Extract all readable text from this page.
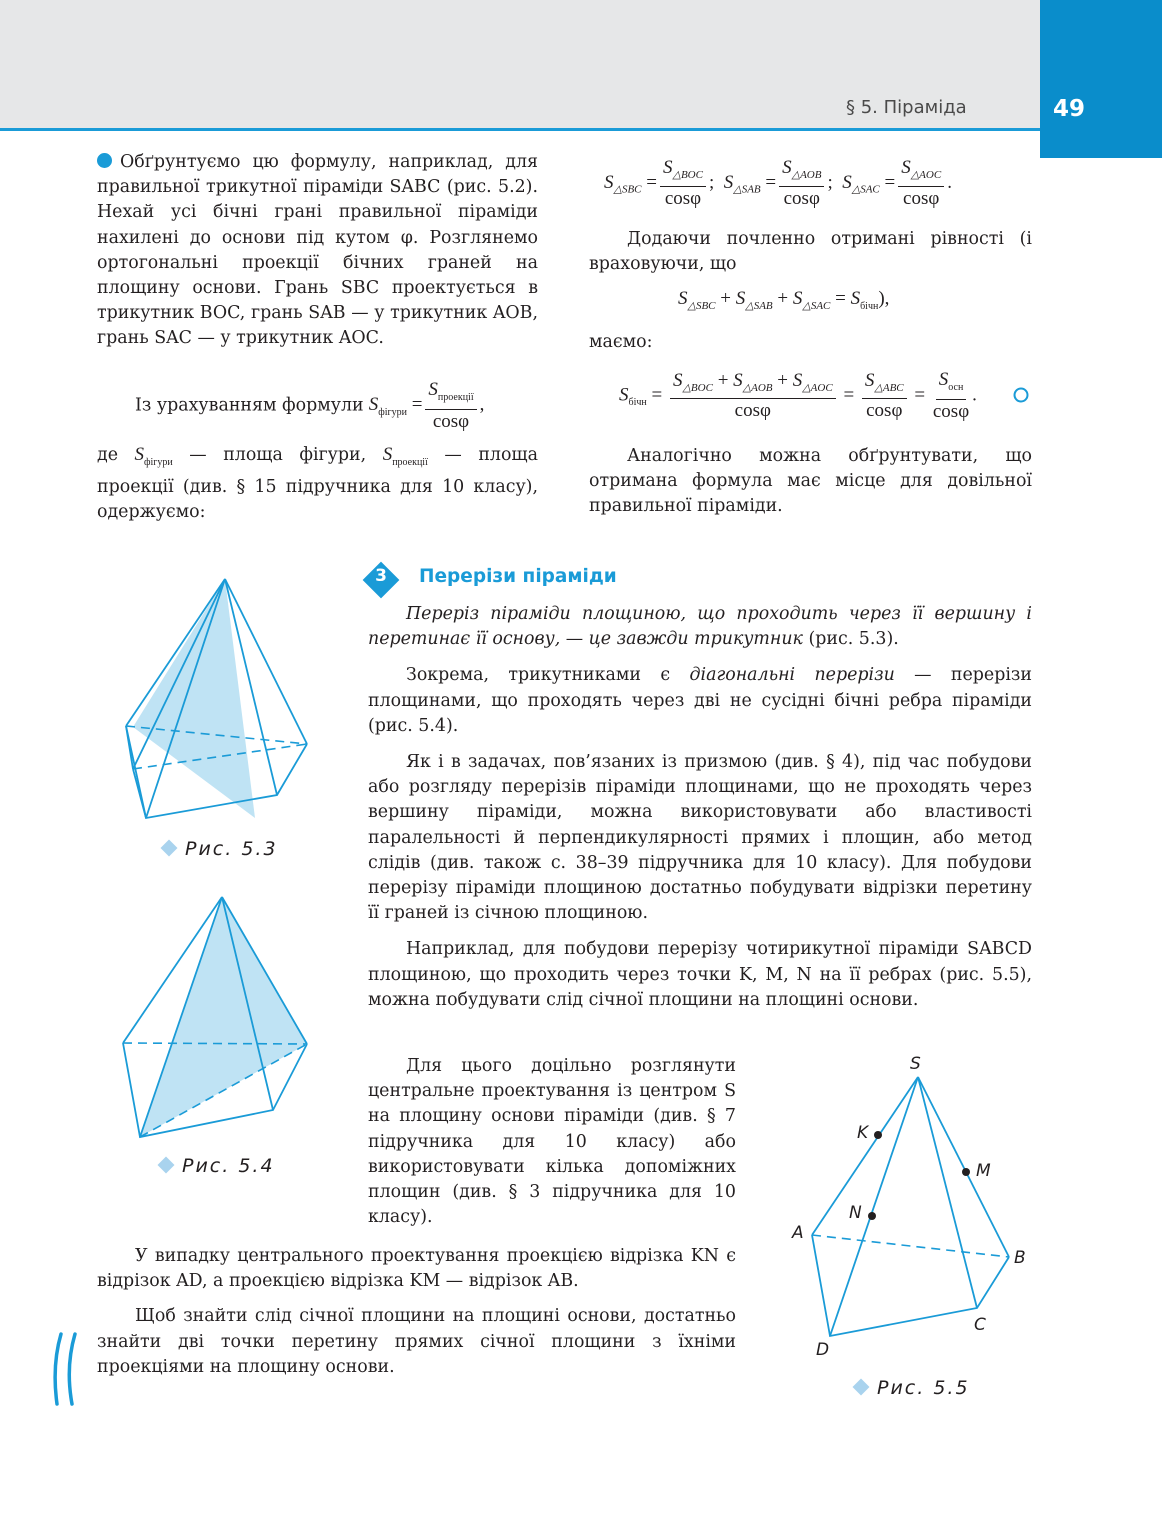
49
§ 5. Піраміда

Обґрунтуємо цю формулу, наприклад, для правильної трикутної піраміди SABC (рис. 5.2). Нехай усі бічні грані правильної піраміди нахилені до основи під кутом φ. Розглянемо ортогональні проекції бічних граней на площину основи. Грань SBC проектується в трикутник BOC, грань SAB — у трикутник AOB, грань SAC — у трикутник AOC.

Із урахуванням формули $S_{фігури} = \frac{S_{проекції}}{\cos\varphi}$ ,

де $S_{фігури}$ — площа фігури, $S_{проекції}$ — площа проекції (див. § 15 підручника для 10 класу), одержуємо:

$S_{\triangle SBC} = \frac{S_{\triangle BOC}}{\cos\varphi}$ ;  $S_{\triangle SAB} = \frac{S_{\triangle AOB}}{\cos\varphi}$ ;  $S_{\triangle SAC} = \frac{S_{\triangle AOC}}{\cos\varphi}$ .

Додаючи почленно отримані рівності (і враховуючи, що

$S_{\triangle SBC} + S_{\triangle SAB} + S_{\triangle SAC} = S_{бічн}$),

маємо:

$S_{бічн} = \frac{S_{\triangle BOC} + S_{\triangle AOB} + S_{\triangle AOC}}{\cos\varphi} = \frac{S_{\triangle ABC}}{\cos\varphi} = \frac{S_{осн}}{\cos\varphi}$ .

Аналогічно можна обґрунтувати, що отримана формула має місце для довільної правильної піраміди.

3	Перерізи піраміди

Переріз піраміди площиною, що проходить через її вершину і перетинає її основу, — це завжди трикутник (рис. 5.3).

Зокрема, трикутниками є діагональні перерізи — перерізи площинами, що проходять через дві не сусідні бічні ребра піраміди (рис. 5.4).

Як і в задачах, пов’язаних із призмою (див. § 4), під час побудови або розгляду перерізів піраміди площинами, що не проходять через вершину піраміди, можна використовувати або властивості паралельності й перпендикулярності прямих і площин, або метод слідів (див. також с. 38–39 підручника для 10 класу). Для побудови перерізу піраміди площиною достатньо побудувати відрізки перетину її граней із січною площиною.

Наприклад, для побудови перерізу чотирикутної піраміди SABCD площиною, що проходить через точки K, M, N на її ребрах (рис. 5.5), можна побудувати слід січної площини на площині основи.

Для цього доцільно розглянути центральне проектування із центром S на площину основи піраміди (див. § 7 підручника для 10 класу) або використовувати кілька допоміжних площин (див. § 3 підручника для 10 класу).

У випадку центрального проектування проекцією відрізка KN є відрізок AD, а проекцією відрізка KM — відрізок AB.

Щоб знайти слід січної площини на площині основи, достатньо знайти дві точки перетину прямих січної площини з їхніми проекціями на площину основи.

Рис. 5.3
Рис. 5.4
S
K
M
N
A
B
C
D
Рис. 5.5
